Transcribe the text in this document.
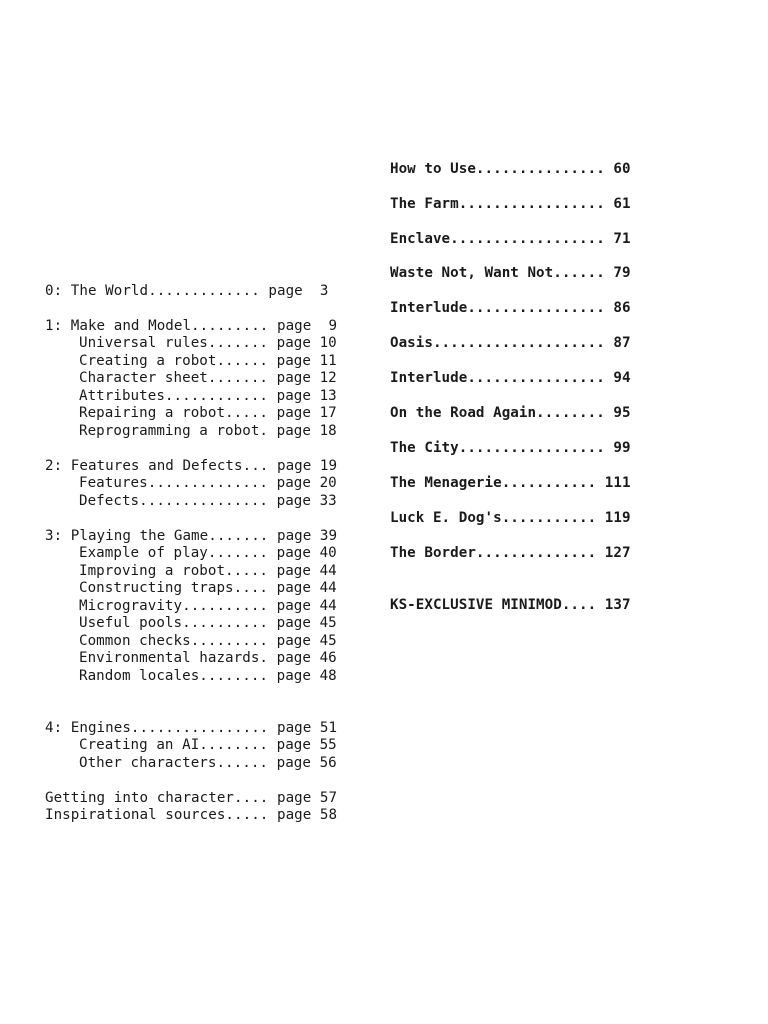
0: The World............. page  3

1: Make and Model......... page  9

Universal rules....... page 10

Creating a robot...... page 11

Character sheet....... page 12

Attributes............ page 13

Repairing a robot..... page 17

Reprogramming a robot. page 18

2: Features and Defects... page 19

Features.............. page 20

Defects............... page 33

3: Playing the Game....... page 39

Example of play....... page 40

Improving a robot..... page 44

Constructing traps.... page 44

Microgravity.......... page 44

Useful pools.......... page 45

Common checks......... page 45

Environmental hazards. page 46

Random locales........ page 48

4: Engines................ page 51

Creating an AI........ page 55

Other characters...... page 56

Getting into character.... page 57

Inspirational sources..... page 58

How to Use............... 60

The Farm................. 61

Enclave.................. 71

Waste Not, Want Not...... 79

Interlude................ 86

Oasis.................... 87

Interlude................ 94

On the Road Again........ 95

The City................. 99

The Menagerie........... 111

Luck E. Dog's........... 119

The Border.............. 127

KS-EXCLUSIVE MINIMOD.... 137
